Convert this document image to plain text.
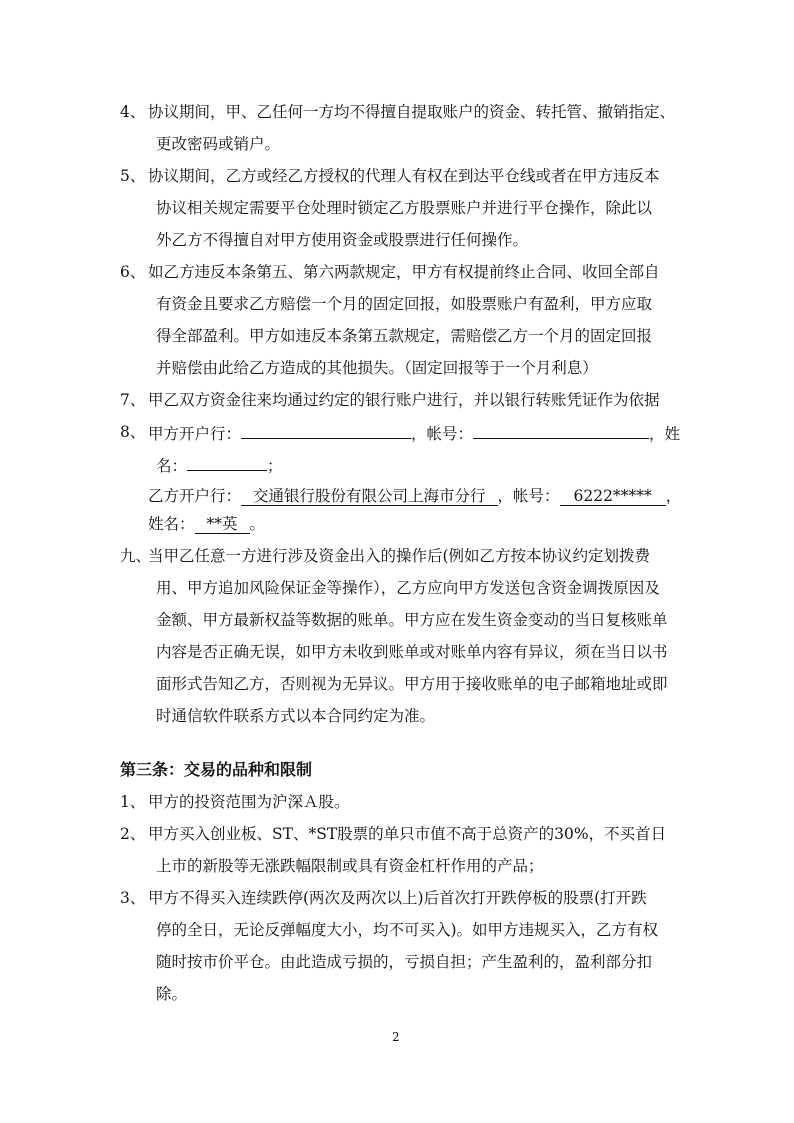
4、 协议期间，甲、乙任何一方均不得擅自提取账户的资金、转托管、撤销指定、
更改密码或销户。
5、 协议期间，乙方或经乙方授权的代理人有权在到达平仓线或者在甲方违反本
协议相关规定需要平仓处理时锁定乙方股票账户并进行平仓操作，除此以
外乙方不得擅自对甲方使用资金或股票进行任何操作。
6、 如乙方违反本条第五、第六两款规定，甲方有权提前终止合同、收回全部自
有资金且要求乙方赔偿一个月的固定回报，如股票账户有盈利，甲方应取
得全部盈利。甲方如违反本条第五款规定，需赔偿乙方一个月的固定回报
并赔偿由此给乙方造成的其他损失。（固定回报等于一个月利息）
7、 甲乙双方资金往来均通过约定的银行账户进行，并以银行转账凭证作为依据
8、 甲方开户行：	，帐号：	，姓
名：	；
乙方开户行： 交通银行股份有限公司上海市分行 ，帐号： 6222***** ，
姓名： **英 。
九、
当甲乙任意一方进行涉及资金出入的操作后(例如乙方按本协议约定划拨费
用、甲方追加风险保证金等操作），乙方应向甲方发送包含资金调拨原因及
金额、甲方最新权益等数据的账单。甲方应在发生资金变动的当日复核账单
内容是否正确无误，如甲方未收到账单或对账单内容有异议，须在当日以书
面形式告知乙方，否则视为无异议。甲方用于接收账单的电子邮箱地址或即
时通信软件联系方式以本合同约定为准。
第三条：交易的品种和限制
1、 甲方的投资范围为沪深Ａ股。
2、 甲方买入创业板、ST、*ST股票的单只市值不高于总资产的30%，不买首日
上市的新股等无涨跌幅限制或具有资金杠杆作用的产品；
3、 甲方不得买入连续跌停(两次及两次以上)后首次打开跌停板的股票(打开跌
停的全日，无论反弹幅度大小，均不可买入)。如甲方违规买入，乙方有权
随时按市价平仓。由此造成亏损的，亏损自担；产生盈利的，盈利部分扣
除。
2
